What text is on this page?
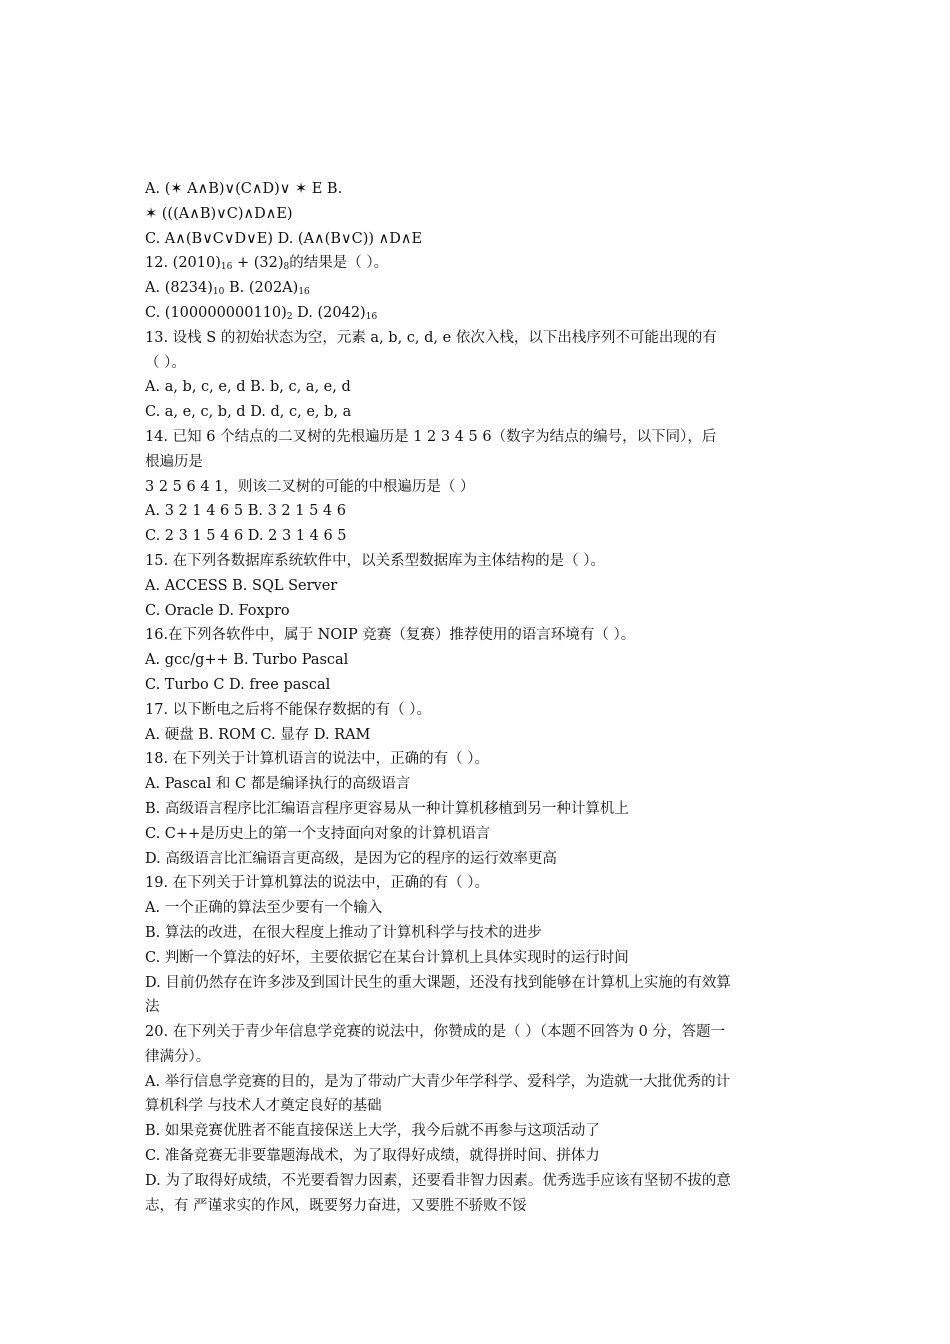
A. (✶ A∧B)∨(C∧D)∨ ✶ E B.
✶ (((A∧B)∨C)∧D∧E)
C. A∧(B∨C∨D∨E) D. (A∧(B∨C)) ∧D∧E
12. $(2010)_{16} + (32)_8$的结果是（ ）。
A. $(8234)_{10}$ B. $(202A)_{16}$
C. $(100000000110)_2$ D. $(2042)_{16}$
13. 设栈 S 的初始状态为空，元素 a, b, c, d, e 依次入栈，以下出栈序列不可能出现的有
（ ）。
A. a, b, c, e, d B. b, c, a, e, d
C. a, e, c, b, d D. d, c, e, b, a
14. 已知 6 个结点的二叉树的先根遍历是 1 2 3 4 5 6（数字为结点的编号，以下同），后
根遍历是
3 2 5 6 4 1，则该二叉树的可能的中根遍历是（ ）
A. 3 2 1 4 6 5 B. 3 2 1 5 4 6
C. 2 3 1 5 4 6 D. 2 3 1 4 6 5
15. 在下列各数据库系统软件中，以关系型数据库为主体结构的是（ ）。
A. ACCESS B. SQL Server
C. Oracle D. Foxpro
16.在下列各软件中，属于 NOIP 竞赛（复赛）推荐使用的语言环境有（ ）。
A. gcc/g++ B. Turbo Pascal
C. Turbo C D. free pascal
17. 以下断电之后将不能保存数据的有（ ）。
A. 硬盘 B. ROM C. 显存 D. RAM
18. 在下列关于计算机语言的说法中，正确的有（ ）。
A. Pascal 和 C 都是编译执行的高级语言
B. 高级语言程序比汇编语言程序更容易从一种计算机移植到另一种计算机上
C. C++是历史上的第一个支持面向对象的计算机语言
D. 高级语言比汇编语言更高级，是因为它的程序的运行效率更高
19. 在下列关于计算机算法的说法中，正确的有（ ）。
A. 一个正确的算法至少要有一个输入
B. 算法的改进，在很大程度上推动了计算机科学与技术的进步
C. 判断一个算法的好坏，主要依据它在某台计算机上具体实现时的运行时间
D. 目前仍然存在许多涉及到国计民生的重大课题，还没有找到能够在计算机上实施的有效算
法
20. 在下列关于青少年信息学竞赛的说法中，你赞成的是（ ）（本题不回答为 0 分，答题一
律满分）。
A. 举行信息学竞赛的目的，是为了带动广大青少年学科学、爱科学，为造就一大批优秀的计
算机科学 与技术人才奠定良好的基础
B. 如果竞赛优胜者不能直接保送上大学，我今后就不再参与这项活动了
C. 准备竞赛无非要靠题海战术，为了取得好成绩，就得拼时间、拼体力
D. 为了取得好成绩，不光要看智力因素，还要看非智力因素。优秀选手应该有坚韧不拔的意
志，有 严谨求实的作风，既要努力奋进，又要胜不骄败不馁
